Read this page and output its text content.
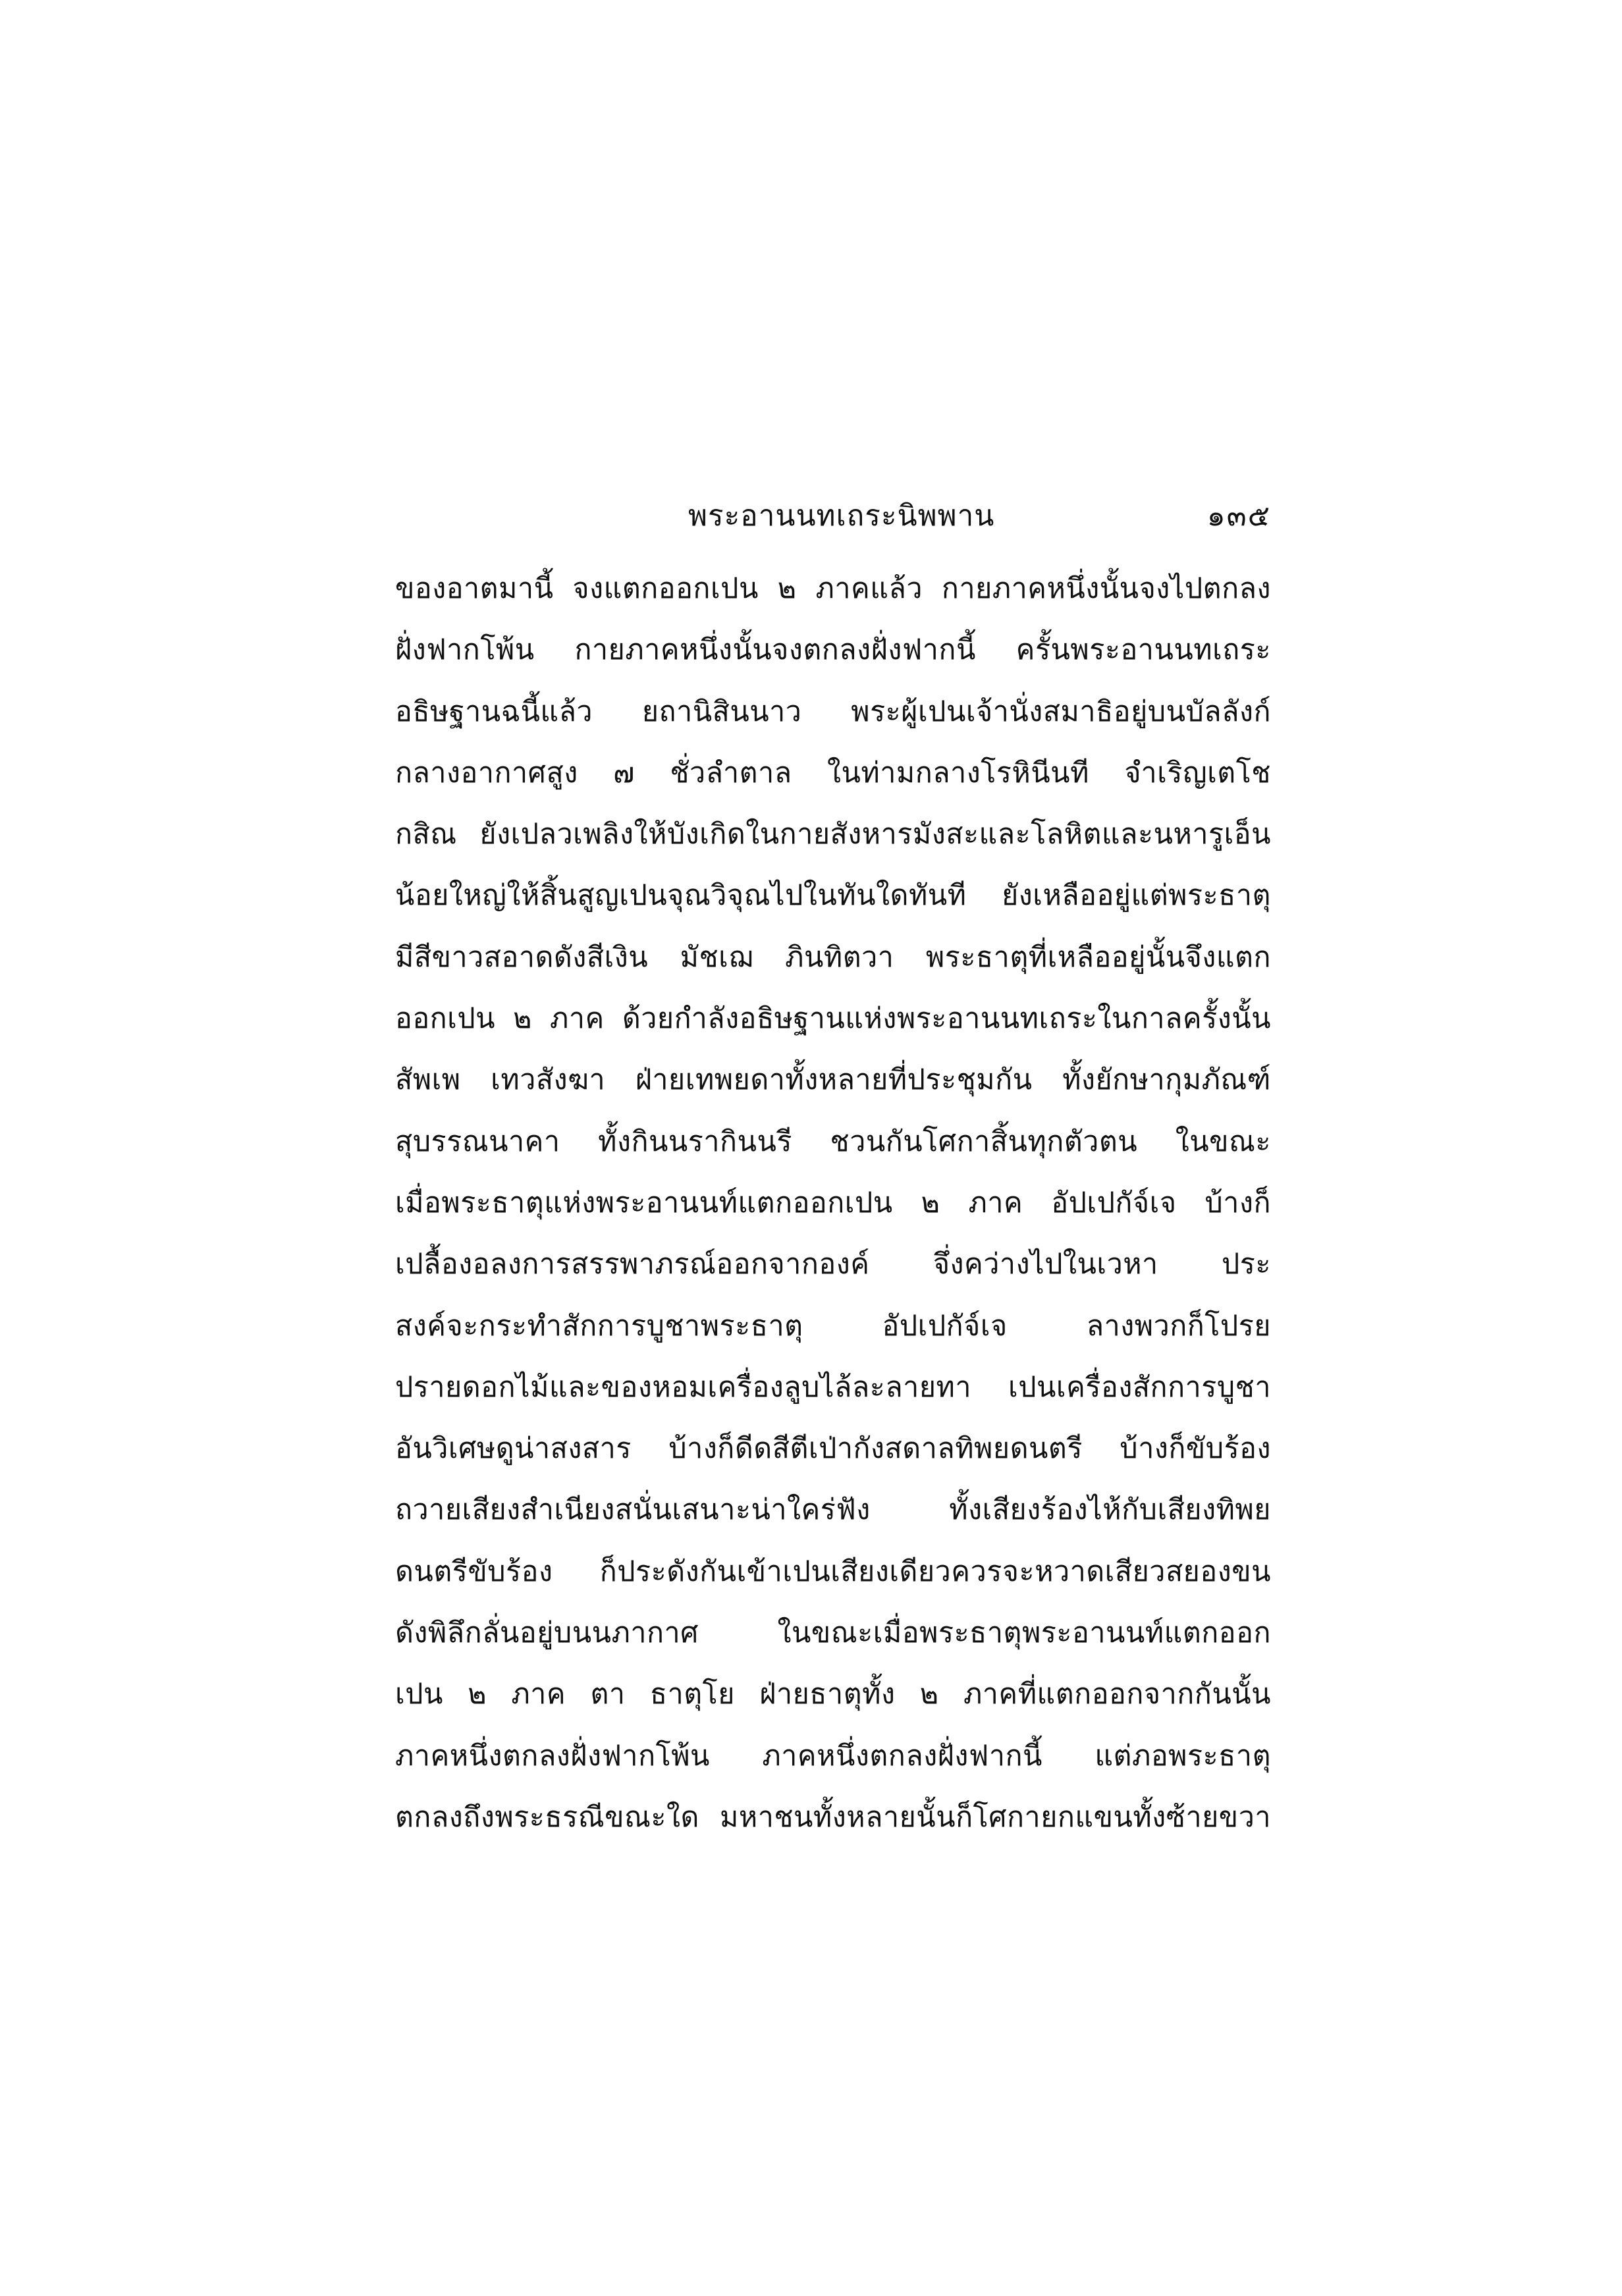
พระอานนทเถระนิพพาน	๑๓๕
ของอาตมานี้ จงแตกออกเปน ๒ ภาคแล้ว กายภาคหนึ่งนั้นจงไปตกลง
ฝั่งฟากโพ้น กายภาคหนึ่งนั้นจงตกลงฝั่งฟากนี้ ครั้นพระอานนทเถระ
อธิษฐานฉนี้แล้ว ยถานิสินนาว พระผู้เปนเจ้านั่งสมาธิอยู่บนบัลลังก์
กลางอากาศสูง ๗ ชั่วลำตาล ในท่ามกลางโรหินีนที จำเริญเตโช
กสิณ ยังเปลวเพลิงให้บังเกิดในกายสังหารมังสะและโลหิตและนหารูเอ็น
น้อยใหญ่ให้สิ้นสูญเปนจุณวิจุณไปในทันใดทันที ยังเหลืออยู่แต่พระธาตุ
มีสีขาวสอาดดังสีเงิน มัชเฌ ภินทิตวา พระธาตุที่เหลืออยู่นั้นจึงแตก
ออกเปน ๒ ภาค ด้วยกำลังอธิษฐานแห่งพระอานนทเถระในกาลครั้งนั้น
สัพเพ เทวสังฆา ฝ่ายเทพยดาทั้งหลายที่ประชุมกัน ทั้งยักษากุมภัณฑ์
สุบรรณนาคา ทั้งกินนรากินนรี ชวนกันโศกาสิ้นทุกตัวตน ในขณะ
เมื่อพระธาตุแห่งพระอานนท์แตกออกเปน ๒ ภาค อัปเปกัจ์เจ บ้างก็
เปลื้องอลงการสรรพาภรณ์ออกจากองค์ จึ่งคว่างไปในเวหา ประ
สงค์จะกระทำสักการบูชาพระธาตุ อัปเปกัจ์เจ ลางพวกก็โปรย
ปรายดอกไม้และของหอมเครื่องลูบไล้ละลายทา เปนเครื่องสักการบูชา
อันวิเศษดูน่าสงสาร บ้างก็ดีดสีตีเป่ากังสดาลทิพยดนตรี บ้างก็ขับร้อง
ถวายเสียงสำเนียงสนั่นเสนาะน่าใคร่ฟัง ทั้งเสียงร้องไห้กับเสียงทิพย
ดนตรีขับร้อง ก็ประดังกันเข้าเปนเสียงเดียวควรจะหวาดเสียวสยองขน
ดังพิลึกลั่นอยู่บนนภากาศ ในขณะเมื่อพระธาตุพระอานนท์แตกออก
เปน ๒ ภาค ตา ธาตุโย ฝ่ายธาตุทั้ง ๒ ภาคที่แตกออกจากกันนั้น
ภาคหนึ่งตกลงฝั่งฟากโพ้น ภาคหนึ่งตกลงฝั่งฟากนี้ แต่ภอพระธาตุ
ตกลงถึงพระธรณีขณะใด มหาชนทั้งหลายนั้นก็โศกายกแขนทั้งซ้ายขวา
